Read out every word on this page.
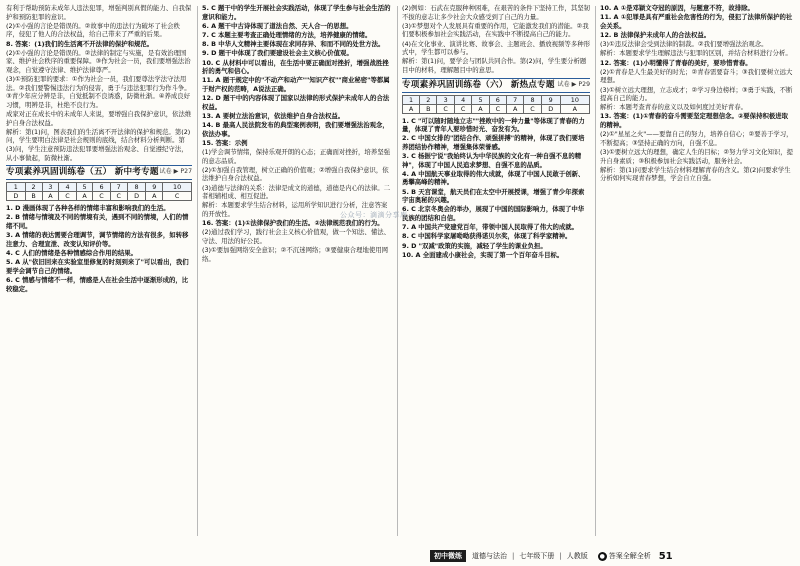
有利于帮助预防未成年人违法犯罪，增强判别真假的能力、自我保护和预防犯罪的意识。

(2)①小强的言论是错误的。②故事中的违法行为破坏了社会秩序，侵犯了他人的合法权益，给自己带来了严重的后果。

8. 答案：(1)我们的生活离不开法律的保护和规范。

(2)①小强的言论是错误的。②法律的制定与实施，是有效治理国家、维护社会秩序的重要保障。③作为社会一员，我们要增强法治观念，自觉遵守法律、维护法律尊严。

(3)①预防犯罪的要求：①作为社会一员，我们要尊法学法守法用法。②我们要警惕违法行为的侵害，勇于与违法犯罪行为作斗争。③青少年应分辨是非，自觉抵制不良诱惑，防微杜渐。④养成良好习惯，明辨是非，杜绝不良行为。

成家对正在成长中的未成年人来说，要增强自我保护意识，依法维护自身合法权益。

解析：第(1)问，图表我们的生活离不开法律的保护和规范。第(2)问，学生要明白法律是社会规则的底线，结合材料分析判断。第(3)问，学生注意预防违法犯罪要增强法治观念、自觉遵纪守法，从小事做起，防微杜渐。

专项素养巩固训练卷（五） 新中考专题 试卷 ▶ P27
1	2	3	4	5	6	7	8	9	10
D	B	A	C	A	C	C	D	A	C

1. D 漫画体现了各种各样的情绪丰富和影响我们的生活。

2. B 情绪与情境及不同的情境有关，遇到不同的情境，人们的情绪不同。

3. A 情绪的表达需要合理调节，调节情绪的方法有很多，如转移注意力、合理宣泄、改变认知评价等。

4. C 人们的情绪是各种情感综合作用的结果。

5. A 从"依旧回来在实验室里修复的时刻到来了"可以看出，我们要学会调节自己的情绪。

6. C 情感与情绪不一样，情感是人在社会生活中逐渐形成的，比较稳定。

5. C 题干中的学生开展社会实践活动，体现了学生参与社会生活的意识和能力。

6. A 题干中古诗体现了道法自然、天人合一的思想。

7. C 本题主要考查正确处理情绪的方法，培养健康的情绪。

8. B 中华人文精神主要体现在求同存异、和而不同的处世方法。

9. D 题干中体现了我们要建设社会主义核心价值观。

10. C 从材料中可以看出，在生活中要正确面对挫折，增强战胜挫折的勇气和信心。

11. A 题干规定中的"不动产和动产""知识产权""商业秘密"等都属于财产权的范畴，A说法正确。

12. D 题干中的内容体现了国家以法律的形式保护未成年人的合法权益。

13. A 要树立法治意识，依法维护自身合法权益。

14. B 最高人民法院发布的典型案例表明，我们要增强法治观念，依法办事。

15. 答案：示例

(1)学会调节情绪，保持乐观开朗的心态；正确面对挫折，培养坚强的意志品质。

(2)①加强自我管理，树立正确的价值观；②增强自我保护意识，依法维护自身合法权益。

(3)道德与法律的关系：法律是成文的道德，道德是内心的法律。二者相辅相成、相互促进。

解析：本题要求学生结合材料，运用所学知识进行分析，注意答案的开放性。

16. 答案：(1)①法律保护我们的生活。②法律规范我们的行为。

(2)通过我们学习，践行社会主义核心价值观，做一个知法、懂法、守法、用法的好公民。

(3)①要加强网络安全意识；②不沉迷网络；③要健康合理地使用网络。

(2)例如：石武在克服种种困难，在艰苦的条件下坚持工作，其坚韧不拔的意志让多少社会大众感受到了自己的力量。

(3)①梦想对个人发展具有重要的作用，它能激发我们的潜能。②我们要积极参加社会实践活动，在实践中不断提高自己的能力。

(4)在文化事业、演讲比赛、故事会、主题班会、播放视频等多种形式中，学生都可以参与。

解析：第(1)问，要学会与团队共同合作。第(2)问，学生要分析题目中的材料，理解题目中的意思。

专项素养巩固训练卷（六） 新热点专题 试卷 ▶ P29
1	2	3	4	5	6	7	8	9	10
A	B	C	C	A	C	A	C	D	A

1. C "可以随时随地立志""挫败中的一种力量"等体现了青春的力量，体现了青年人要珍惜时光、奋发有为。

2. C 中国女排的"团结合作、顽强拼搏"的精神，体现了我们要培养团结协作精神，增强集体荣誉感。

3. C 杨振宁说"我始终认为中华民族的文化有一种自强不息的精神"，体现了中国人民追求梦想、自强不息的品质。

4. A 中国航天事业取得的伟大成就，体现了中国人民敢于创新、勇攀高峰的精神。

5. B 天宫课堂，航天员们在太空中开展授课，增强了青少年探索宇宙奥秘的兴趣。

6. C 北京冬奥会的举办，展现了中国的国际影响力，体现了中华民族的团结和自信。

7. A 中国共产党建党百年，带领中国人民取得了伟大的成就。

8. C 中国科学家屠呦呦获得诺贝尔奖，体现了科学家精神。

9. D "双减"政策的实施，减轻了学生的课业负担。

10. A 全面建成小康社会，实现了第一个百年奋斗目标。

10. A ①是邓颖文夺冠的原因，与题意不符，故排除。

11. A ①犯罪是具有严重社会危害性的行为，侵犯了法律所保护的社会关系。

12. B 法律保护未成年人的合法权益。

(3)①违反法律会受到法律的制裁。②我们要增强法治观念。

解析：本题要求学生理解违法与犯罪的区别，并结合材料进行分析。

12. 答案：(1)小明懂得了青春的美好，要珍惜青春。

(2)①青春是人生最美好的时光；②青春需要奋斗；③我们要树立远大理想。

(3)①树立远大理想，立志成才；②学习身边榜样；③勇于实践，不断提高自己的能力。

解析：本题考查青春的意义以及如何度过美好青春。

13. 答案：(1)①青春的奋斗需要坚定理想信念。②要保持积极进取的精神。

(2)①"星星之火"——要靠自己的努力，培养自信心；②要善于学习，不断提高；③坚持正确的方向，自强不息。

(3)①要树立远大的理想，确定人生的目标；②努力学习文化知识，提升自身素质；③积极参加社会实践活动，服务社会。

解析：第(1)问要求学生结合材料理解青春的含义。第(2)问要求学生分析如何实现青春梦想，学会自立自强。

公众号：滴滴分享库
初中微练	道德与法治 | 七年级下册 | 人教版	● 答案全解全析 51
